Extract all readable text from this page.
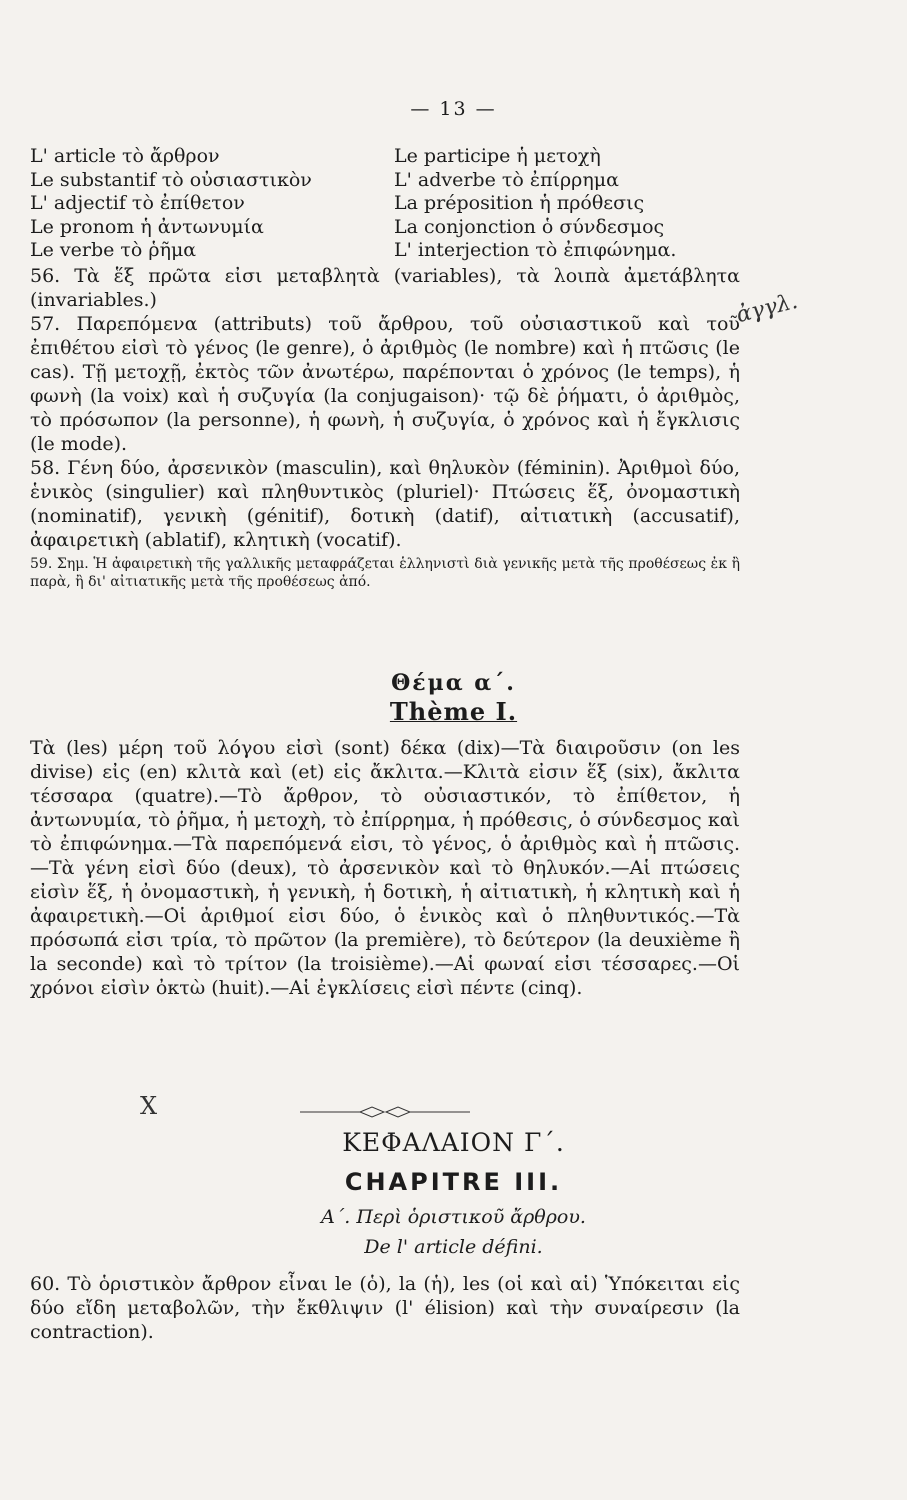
— 13 —
L' article τὸ ἄρθρον	Le participe ἡ μετοχὴ
Le substantif τὸ οὐσιαστικὸν	L' adverbe τὸ ἐπίρρημα
L' adjectif τὸ ἐπίθετον	La préposition ἡ πρόθεσις
Le pronom ἡ ἀντωνυμία	La conjonction ὁ σύνδεσμος
Le verbe τὸ ῥῆμα	L' interjection τὸ ἐπιφώνημα.
ἀγγλ.

56. Τὰ ἕξ πρῶτα εἰσι μεταβλητὰ (variables), τὰ λοιπὰ ἀμετάβλητα (invariables.)

57. Παρεπόμενα (attributs) τοῦ ἄρθρου, τοῦ οὐσιαστικοῦ καὶ τοῦ ἐπιθέτου εἰσὶ τὸ γένος (le genre), ὁ ἀριθμὸς (le nombre) καὶ ἡ πτῶσις (le cas). Τῇ μετοχῇ, ἐκτὸς τῶν ἀνωτέρω, παρέπονται ὁ χρόνος (le temps), ἡ φωνὴ (la voix) καὶ ἡ συζυγία (la conjugaison)· τῷ δὲ ῥήματι, ὁ ἀριθμὸς, τὸ πρόσωπον (la personne), ἡ φωνὴ, ἡ συζυγία, ὁ χρόνος καὶ ἡ ἔγκλισις (le mode).

58. Γένη δύο, ἀρσενικὸν (masculin), καὶ θηλυκὸν (féminin). Ἀριθμοὶ δύο, ἑνικὸς (singulier) καὶ πληθυντικὸς (pluriel)· Πτώσεις ἕξ, ὀνομαστικὴ (nominatif), γενικὴ (génitif), δοτικὴ (datif), αἰτιατικὴ (accusatif), ἀφαιρετικὴ (ablatif), κλητικὴ (vocatif).

59. Σημ. Ἡ ἀφαιρετικὴ τῆς γαλλικῆς μεταφράζεται ἑλληνιστὶ διὰ γενικῆς μετὰ τῆς προθέσεως ἐκ ἢ παρὰ, ἢ δι' αἰτιατικῆς μετὰ τῆς προθέσεως ἀπό.

Θέμα α΄.
Thème I.

Τὰ (les) μέρη τοῦ λόγου εἰσὶ (sont) δέκα (dix)—Τὰ διαιροῦσιν (on les divise) εἰς (en) κλιτὰ καὶ (et) εἰς ἄκλιτα.—Κλιτὰ εἰσιν ἕξ (six), ἄκλιτα τέσσαρα (quatre).—Τὸ ἄρθρον, τὸ οὐσιαστικόν, τὸ ἐπίθετον, ἡ ἀντωνυμία, τὸ ῥῆμα, ἡ μετοχὴ, τὸ ἐπίρρημα, ἡ πρόθεσις, ὁ σύνδεσμος καὶ τὸ ἐπιφώνημα.—Τὰ παρεπόμενά εἰσι, τὸ γένος, ὁ ἀριθμὸς καὶ ἡ πτῶσις.—Τὰ γένη εἰσὶ δύο (deux), τὸ ἀρσενικὸν καὶ τὸ θηλυκόν.—Αἱ πτώσεις εἰσὶν ἕξ, ἡ ὀνομαστικὴ, ἡ γενικὴ, ἡ δοτικὴ, ἡ αἰτιατικὴ, ἡ κλητικὴ καὶ ἡ ἀφαιρετικὴ.—Οἱ ἀριθμοί εἰσι δύο, ὁ ἑνικὸς καὶ ὁ πληθυντικός.—Τὰ πρόσωπά εἰσι τρία, τὸ πρῶτον (la première), τὸ δεύτερον (la deuxième ἢ la seconde) καὶ τὸ τρίτον (la troisième).—Αἱ φωναί εἰσι τέσσαρες.—Οἱ χρόνοι εἰσὶν ὀκτὼ (huit).—Αἱ ἐγκλίσεις εἰσὶ πέντε (cinq).

X
ΚΕΦΑΛΑΙΟΝ Γ΄.
CHAPITRE III.
Α΄. Περὶ ὁριστικοῦ ἄρθρου.
De l' article défini.

60. Τὸ ὁριστικὸν ἄρθρον εἶναι le (ὁ), la (ἡ), les (οἱ καὶ αἱ) Ὑπόκειται εἰς δύο εἴδη μεταβολῶν, τὴν ἔκθλιψιν (l' élision) καὶ τὴν συναίρεσιν (la contraction).
